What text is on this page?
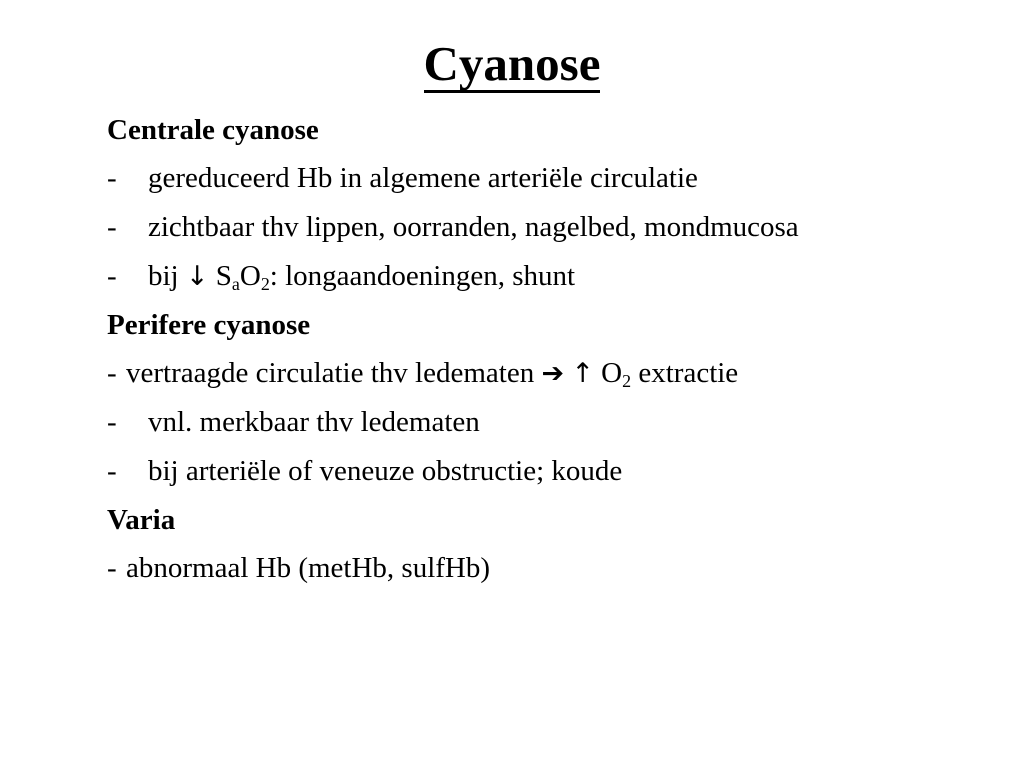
Cyanose
Centrale cyanose
- gereduceerd Hb in algemene arteriële circulatie
- zichtbaar thv lippen, oorranden, nagelbed, mondmucosa
- bij ↓ $S_aO_2$: longaandoeningen, shunt
Perifere cyanose
- vertraagde circulatie thv ledematen ➔ ↑ $O_2$ extractie
- vnl. merkbaar thv ledematen
- bij arteriële of veneuze obstructie; koude
Varia
- abnormaal Hb (metHb, sulfHb)
